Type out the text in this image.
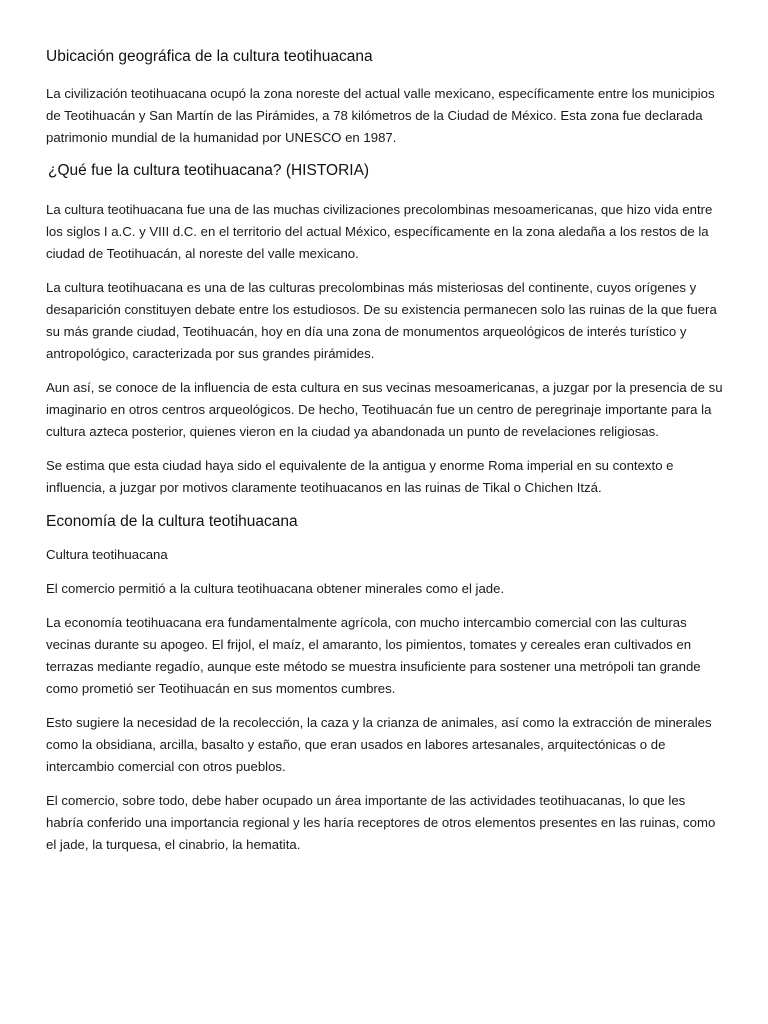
Ubicación geográfica de la cultura teotihuacana

La civilización teotihuacana ocupó la zona noreste del actual valle mexicano, específicamente entre los municipios de Teotihuacán y San Martín de las Pirámides, a 78 kilómetros de la Ciudad de México. Esta zona fue declarada patrimonio mundial de la humanidad por UNESCO en 1987.

¿Qué fue la cultura teotihuacana? (HISTORIA)

La cultura teotihuacana fue una de las muchas civilizaciones precolombinas mesoamericanas, que hizo vida entre los siglos I a.C. y VIII d.C. en el territorio del actual México, específicamente en la zona aledaña a los restos de la ciudad de Teotihuacán, al noreste del valle mexicano.

La cultura teotihuacana es una de las culturas precolombinas más misteriosas del continente, cuyos orígenes y desaparición constituyen debate entre los estudiosos. De su existencia permanecen solo las ruinas de la que fuera su más grande ciudad, Teotihuacán, hoy en día una zona de monumentos arqueológicos de interés turístico y antropológico, caracterizada por sus grandes pirámides.

Aun así, se conoce de la influencia de esta cultura en sus vecinas mesoamericanas, a juzgar por la presencia de su imaginario en otros centros arqueológicos. De hecho, Teotihuacán fue un centro de peregrinaje importante para la cultura azteca posterior, quienes vieron en la ciudad ya abandonada un punto de revelaciones religiosas.

Se estima que esta ciudad haya sido el equivalente de la antigua y enorme Roma imperial en su contexto e influencia, a juzgar por motivos claramente teotihuacanos en las ruinas de Tikal o Chichen Itzá.

Economía de la cultura teotihuacana

Cultura teotihuacana

El comercio permitió a la cultura teotihuacana obtener minerales como el jade.

La economía teotihuacana era fundamentalmente agrícola, con mucho intercambio comercial con las culturas vecinas durante su apogeo. El frijol, el maíz, el amaranto, los pimientos, tomates y cereales eran cultivados en terrazas mediante regadío, aunque este método se muestra insuficiente para sostener una metrópoli tan grande como prometió ser Teotihuacán en sus momentos cumbres.

Esto sugiere la necesidad de la recolección, la caza y la crianza de animales, así como la extracción de minerales como la obsidiana, arcilla, basalto y estaño, que eran usados en labores artesanales, arquitectónicas o de intercambio comercial con otros pueblos.

El comercio, sobre todo, debe haber ocupado un área importante de las actividades teotihuacanas, lo que les habría conferido una importancia regional y les haría receptores de otros elementos presentes en las ruinas, como el jade, la turquesa, el cinabrio, la hematita.
